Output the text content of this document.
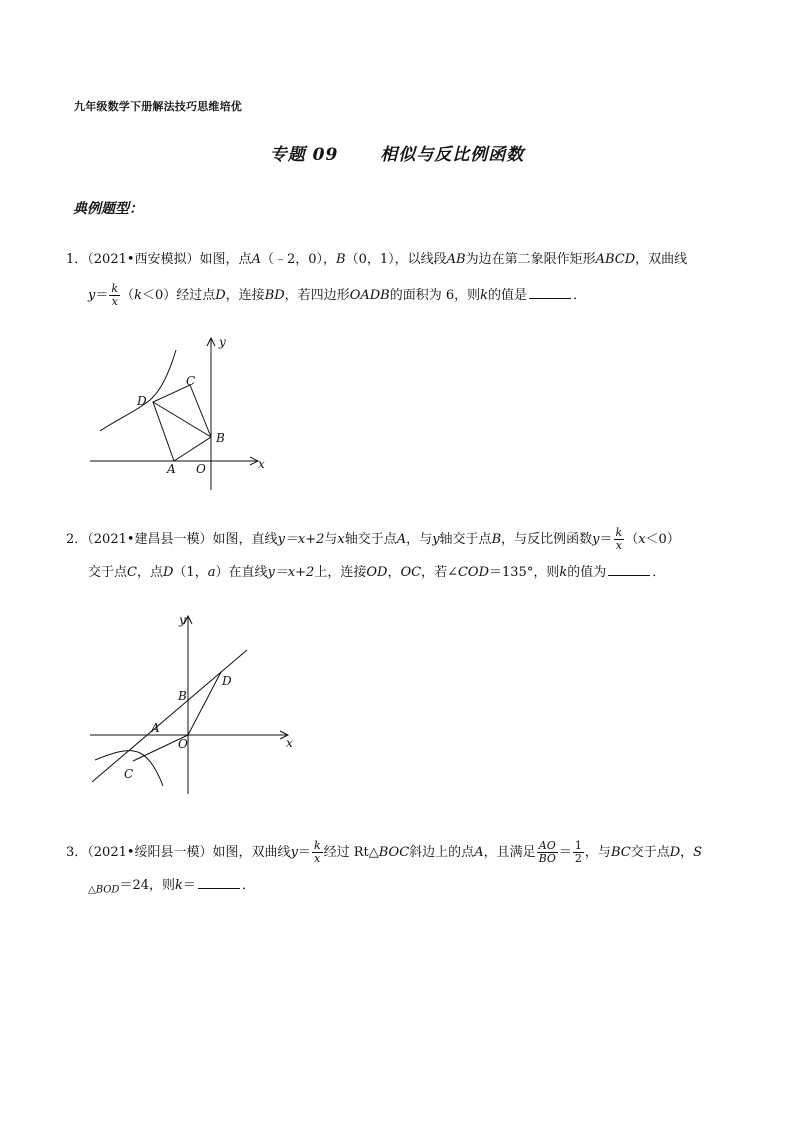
九年级数学下册解法技巧思维培优
专题 09 相似与反比例函数
典例题型：
1．（2021•西安模拟）如图，点A（﹣2，0），B（0，1），以线段AB为边在第二象限作矩形ABCD，双曲线
$y= \frac{k}{x} (k<0)$经过点D，连接BD，若四边形OADB的面积为 6，则k的值是	．
y
x
C
D
B
A O
2．（2021•建昌县一模）如图，直线y＝x+2与x轴交于点A，与y轴交于点B，与反比例函数$y= \frac{k}{x} (x<0)$
交于点C，点D（1，a）在直线y＝x+2上，连接OD，OC，若∠COD＝135°，则k的值为	．
y
x
D
B
A
O
C
3．（2021•绥阳县一模）如图，双曲线$y= \frac{k}{x}$ 经过 Rt△BOC斜边上的点A，且满足 $\frac{AO}{BO} = \frac{1}{2}$ ，与BC交于点D，S
$_{\triangle BOD}$＝24，则k＝	．
